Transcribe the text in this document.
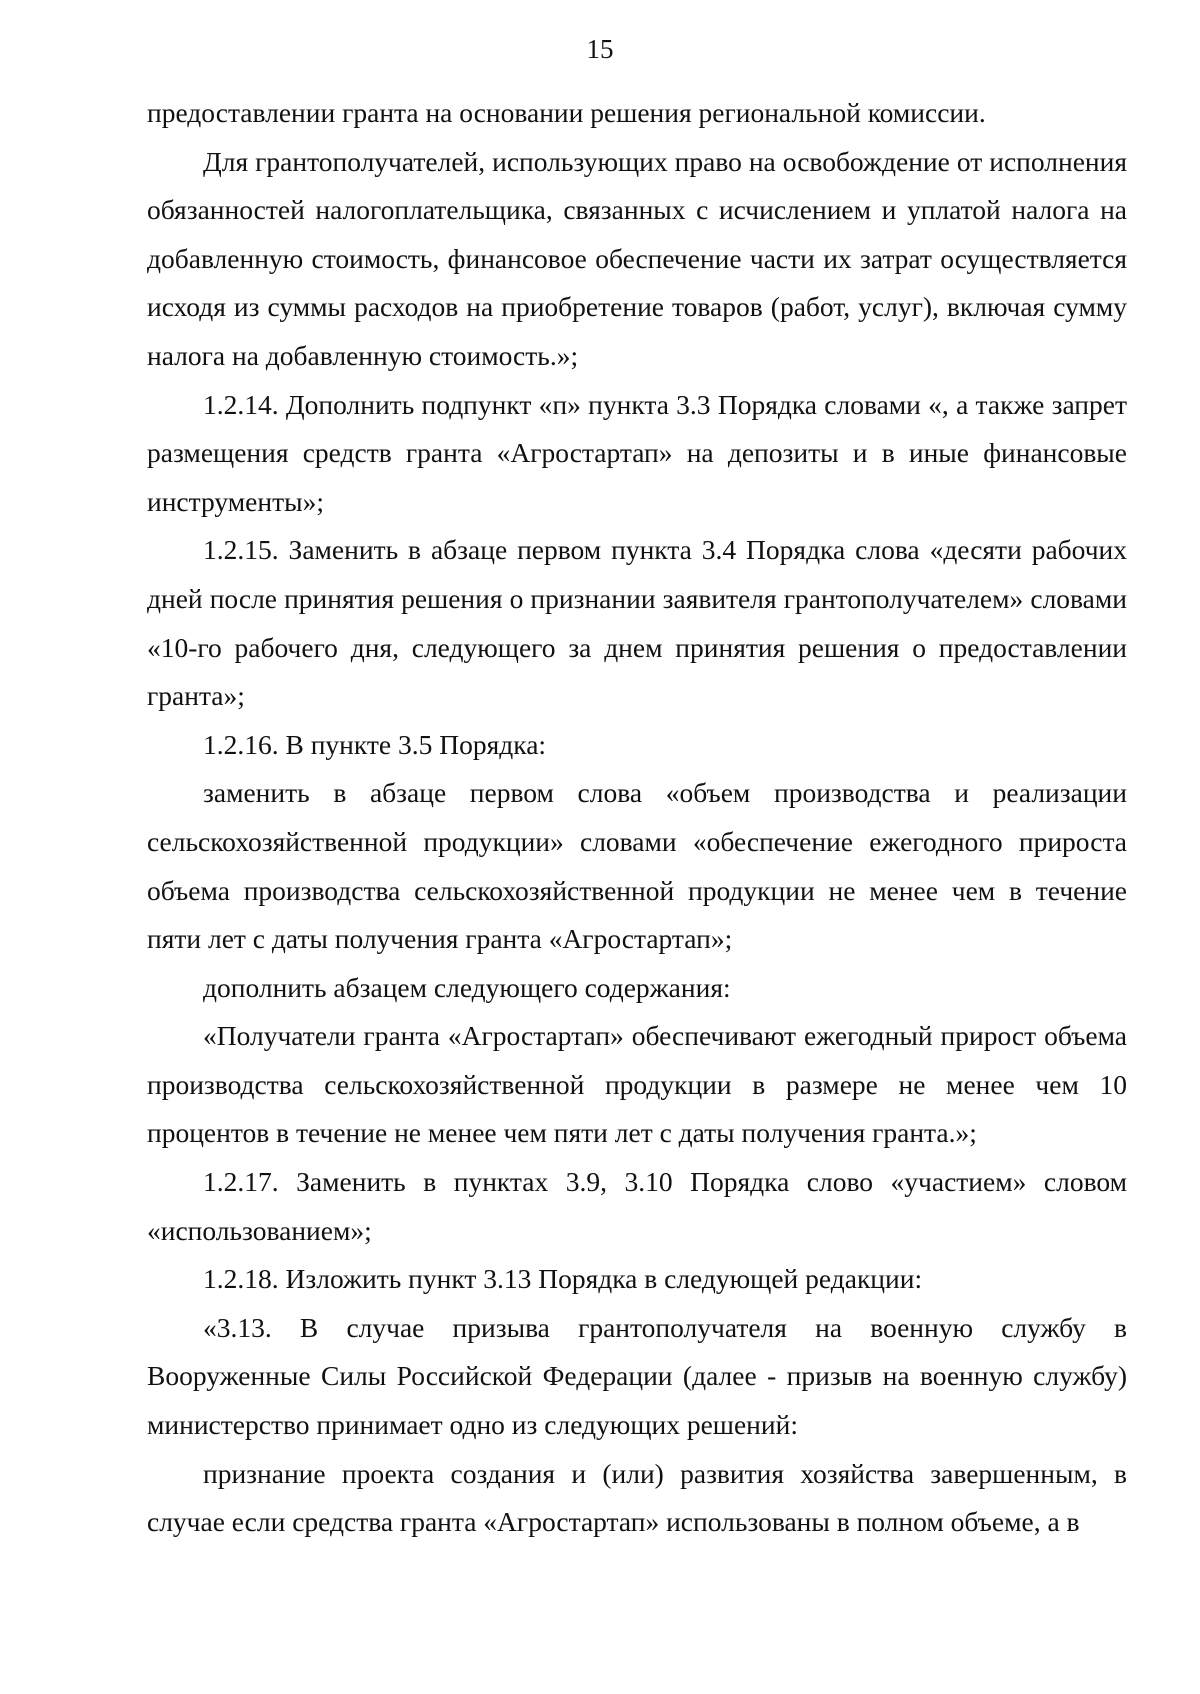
15

предоставлении гранта на основании решения региональной комиссии.

Для грантополучателей, использующих право на освобождение от исполнения обязанностей налогоплательщика, связанных с исчислением и уплатой налога на добавленную стоимость, финансовое обеспечение части их затрат осуществляется исходя из суммы расходов на приобретение товаров (работ, услуг), включая сумму налога на добавленную стоимость.»;

1.2.14. Дополнить подпункт «п» пункта 3.3 Порядка словами «, а также запрет размещения средств гранта «Агростартап» на депозиты и в иные финансовые инструменты»;

1.2.15. Заменить в абзаце первом пункта 3.4 Порядка слова «десяти рабочих дней после принятия решения о признании заявителя грантополучателем» словами «10-го рабочего дня, следующего за днем принятия решения о предоставлении гранта»;

1.2.16. В пункте 3.5 Порядка:

заменить в абзаце первом слова «объем производства и реализации сельскохозяйственной продукции» словами «обеспечение ежегодного прироста объема производства сельскохозяйственной продукции не менее чем в течение пяти лет с даты получения гранта «Агростартап»;

дополнить абзацем следующего содержания:

«Получатели гранта «Агростартап» обеспечивают ежегодный прирост объема производства сельскохозяйственной продукции в размере не менее чем 10 процентов в течение не менее чем пяти лет с даты получения гранта.»;

1.2.17. Заменить в пунктах 3.9, 3.10 Порядка слово «участием» словом «использованием»;

1.2.18. Изложить пункт 3.13 Порядка в следующей редакции:

«3.13. В случае призыва грантополучателя на военную службу в Вооруженные Силы Российской Федерации (далее - призыв на военную службу) министерство принимает одно из следующих решений:

признание проекта создания и (или) развития хозяйства завершенным, в случае если средства гранта «Агростартап» использованы в полном объеме, а в
